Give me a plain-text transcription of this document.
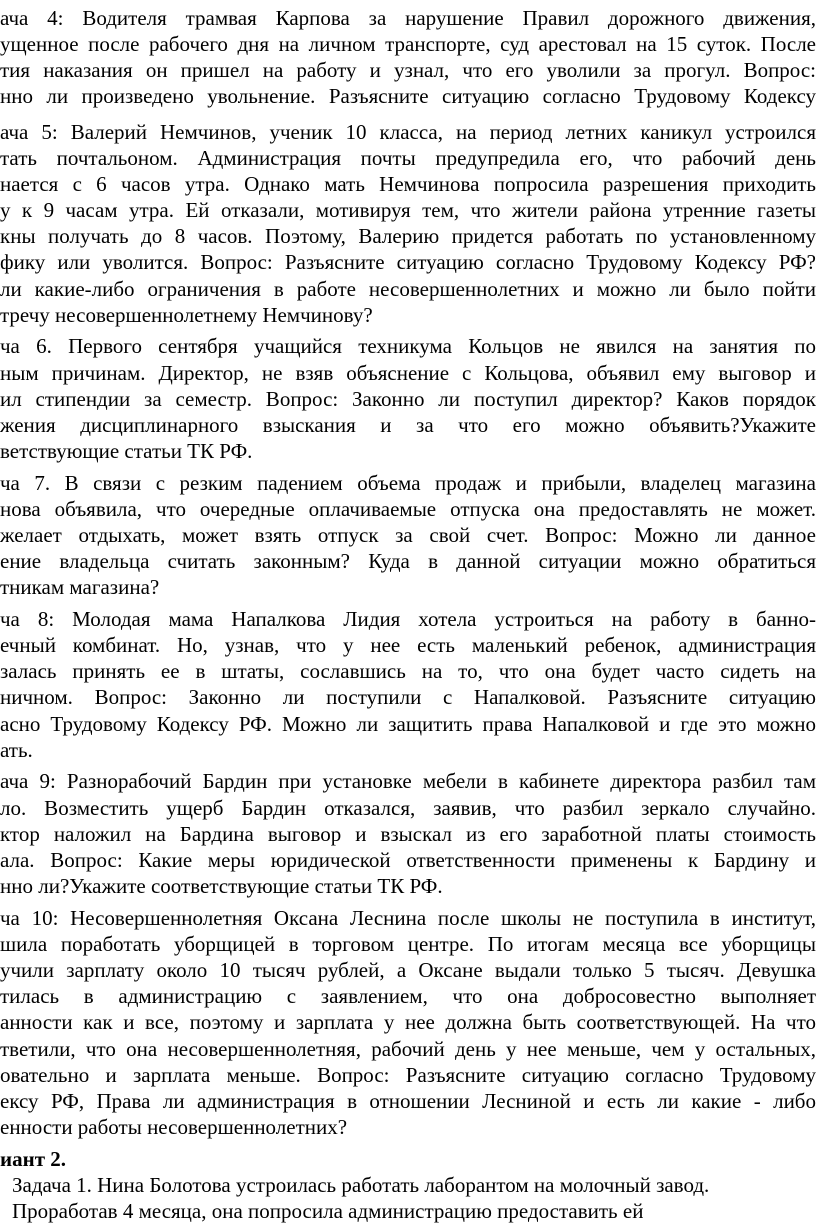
ача 4: Водителя трамвая Карпова за нарушение Правил дорожного движения,
ущенное после рабочего дня на личном транспорте, суд арестовал на 15 суток. После
тия наказания он пришел на работу и узнал, что его уволили за прогул. Вопрос:
нно ли произведено увольнение. Разъясните ситуацию согласно Трудовому Кодексу
ача 5: Валерий Немчинов, ученик 10 класса, на период летних каникул устроился
тать почтальоном. Администрация почты предупредила его, что рабочий день
нается с 6 часов утра. Однако мать Немчинова попросила разрешения приходить
у к 9 часам утра. Ей отказали, мотивируя тем, что жители района утренние газеты
кны получать до 8 часов. Поэтому, Валерию придется работать по установленному
фику или уволится. Вопрос: Разъясните ситуацию согласно Трудовому Кодексу РФ?
ли какие-либо ограничения в работе несовершеннолетних и можно ли было пойти
тречу несовершеннолетнему Немчинову?
ча 6. Первого сентября учащийся техникума Кольцов не явился на занятия по
ным причинам. Директор, не взяв объяснение с Кольцова, объявил ему выговор и
ил стипендии за семестр. Вопрос: Законно ли поступил директор? Каков порядок
жения дисциплинарного взыскания и за что его можно объявить?Укажите
ветствующие статьи ТК РФ.
ча 7. В связи с резким падением объема продаж и прибыли, владелец магазина
нова объявила, что очередные оплачиваемые отпуска она предоставлять не может.
желает отдыхать, может взять отпуск за свой счет. Вопрос: Можно ли данное
ение владельца считать законным? Куда в данной ситуации можно обратиться
тникам магазина?
ча 8: Молодая мама Напалкова Лидия хотела устроиться на работу в банно-
ечный комбинат. Но, узнав, что у нее есть маленький ребенок, администрация
залась принять ее в штаты, сославшись на то, что она будет часто сидеть на
ничном. Вопрос: Законно ли поступили с Напалковой. Разъясните ситуацию
асно Трудовому Кодексу РФ. Можно ли защитить права Напалковой и где это можно
ать.
ача 9: Разнорабочий Бардин при установке мебели в кабинете директора разбил там
ло. Возместить ущерб Бардин отказался, заявив, что разбил зеркало случайно.
ктор наложил на Бардина выговор и взыскал из его заработной платы стоимость
ала. Вопрос: Какие меры юридической ответственности применены к Бардину и
нно ли?Укажите соответствующие статьи ТК РФ.
ча 10: Несовершеннолетняя Оксана Леснина после школы не поступила в институт,
шила поработать уборщицей в торговом центре. По итогам месяца все уборщицы
учили зарплату около 10 тысяч рублей, а Оксане выдали только 5 тысяч. Девушка
тилась в администрацию с заявлением, что она добросовестно выполняет
анности как и все, поэтому и зарплата у нее должна быть соответствующей. На что
тветили, что она несовершеннолетняя, рабочий день у нее меньше, чем у остальных,
овательно и зарплата меньше. Вопрос: Разъясните ситуацию согласно Трудовому
ексу РФ, Права ли администрация в отношении Лесниной и есть ли какие - либо
енности работы несовершеннолетних?
иант 2.
Задача 1. Нина Болотова устроилась работать лаборантом на молочный завод.
Проработав 4 месяца, она попросила администрацию предоставить ей
